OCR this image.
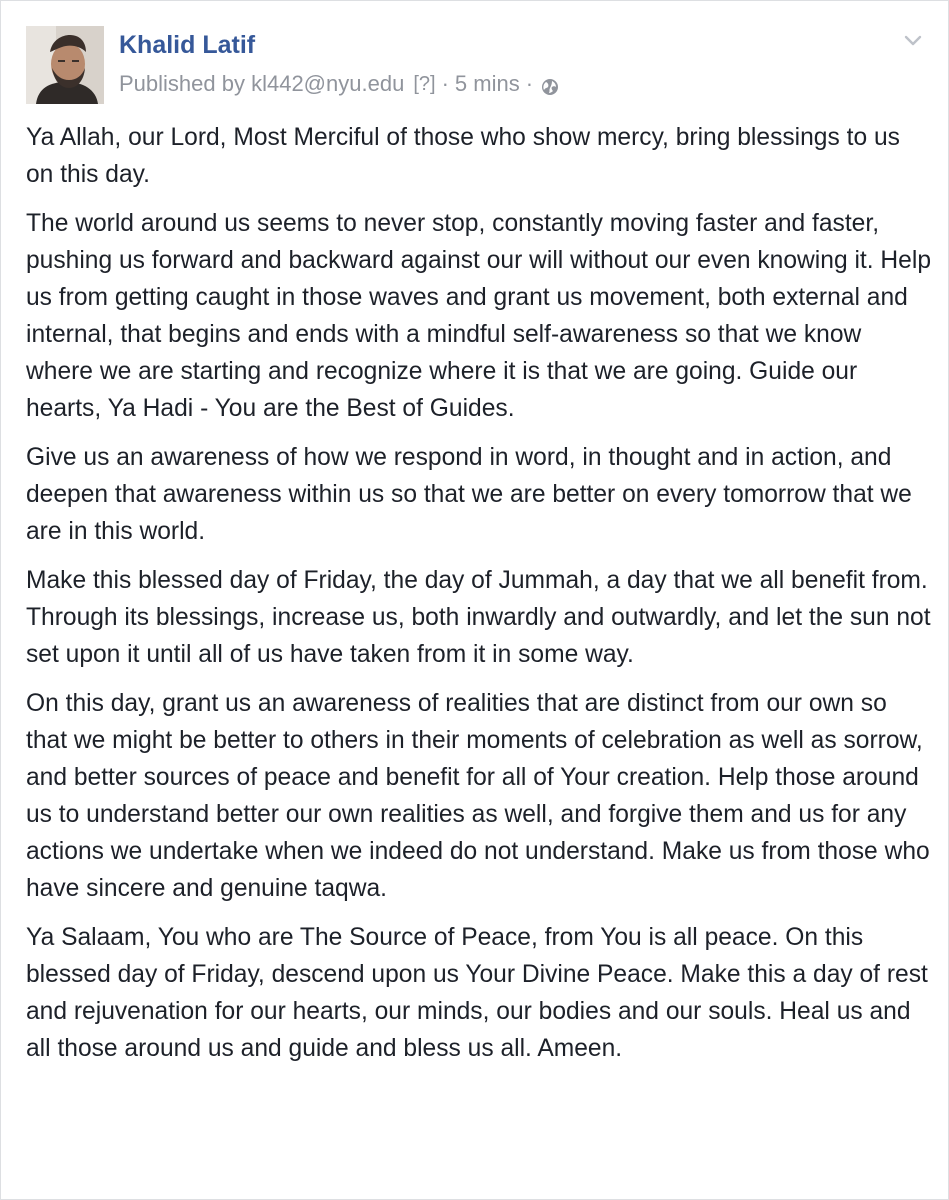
Khalid Latif
Published by kl442@nyu.edu [?] · 5 mins ·

Ya Allah, our Lord, Most Merciful of those who show mercy, bring blessings to us on this day.

The world around us seems to never stop, constantly moving faster and faster, pushing us forward and backward against our will without our even knowing it. Help us from getting caught in those waves and grant us movement, both external and internal, that begins and ends with a mindful self-awareness so that we know where we are starting and recognize where it is that we are going. Guide our hearts, Ya Hadi - You are the Best of Guides.

Give us an awareness of how we respond in word, in thought and in action, and deepen that awareness within us so that we are better on every tomorrow that we are in this world.

Make this blessed day of Friday, the day of Jummah, a day that we all benefit from. Through its blessings, increase us, both inwardly and outwardly, and let the sun not set upon it until all of us have taken from it in some way.

On this day, grant us an awareness of realities that are distinct from our own so that we might be better to others in their moments of celebration as well as sorrow, and better sources of peace and benefit for all of Your creation. Help those around us to understand better our own realities as well, and forgive them and us for any actions we undertake when we indeed do not understand. Make us from those who have sincere and genuine taqwa.

Ya Salaam, You who are The Source of Peace, from You is all peace. On this blessed day of Friday, descend upon us Your Divine Peace. Make this a day of rest and rejuvenation for our hearts, our minds, our bodies and our souls. Heal us and all those around us and guide and bless us all. Ameen.
